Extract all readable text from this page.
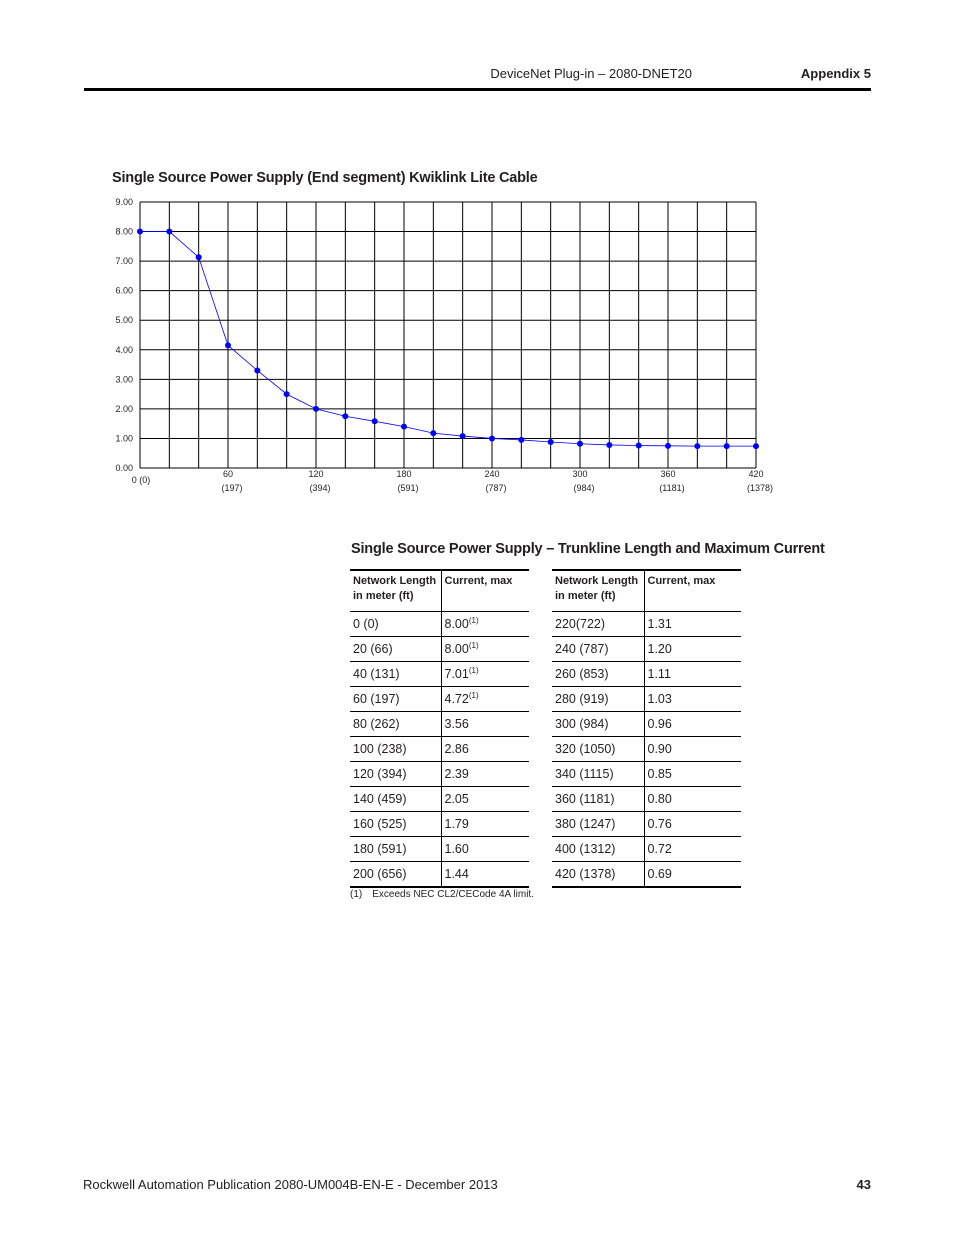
DeviceNet Plug-in – 2080-DNET20	Appendix 5
Single Source Power Supply (End segment) Kwiklink Lite Cable
0.00
1.00
2.00
3.00
4.00
5.00
6.00
7.00
8.00
9.00
0 (0)
60
(197)
120
(394)
180
(591)
240
(787)
300
(984)
360
(1181)
420
(1378)
Single Source Power Supply – Trunkline Length and Maximum Current
Network Length
in meter (ft)	Current, max
0 (0)	8.00$^{(1)}$
20 (66)	8.00$^{(1)}$
40 (131)	7.01$^{(1)}$
60 (197)	4.72$^{(1)}$
80 (262)	3.56
100 (238)	2.86
120 (394)	2.39
140 (459)	2.05
160 (525)	1.79
180 (591)	1.60
200 (656)	1.44
Network Length
in meter (ft)	Current, max
220(722)	1.31
240 (787)	1.20
260 (853)	1.11
280 (919)	1.03
300 (984)	0.96
320 (1050)	0.90
340 (1115)	0.85
360 (1181)	0.80
380 (1247)	0.76
400 (1312)	0.72
420 (1378)	0.69
(1) Exceeds NEC CL2/CECode 4A limit.
Rockwell Automation Publication 2080-UM004B-EN-E - December 2013	43
